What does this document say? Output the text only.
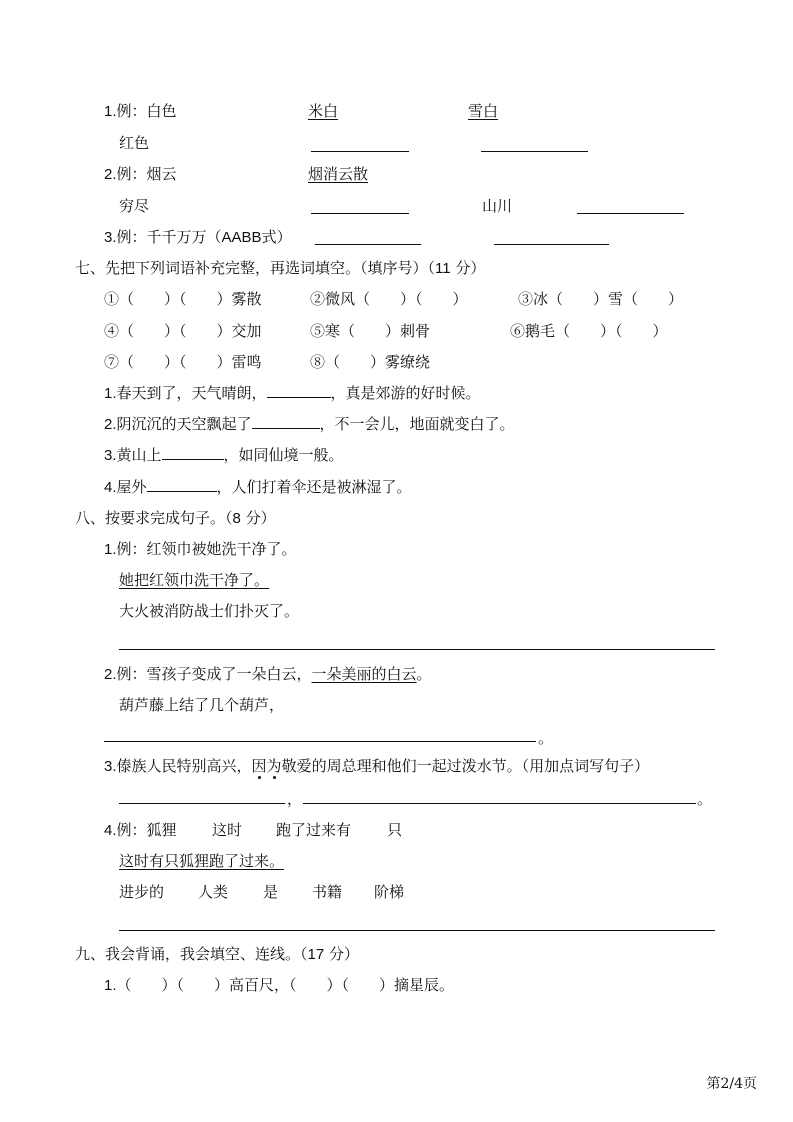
1.例：白色	米白	雪白
红色
2.例：烟云	烟消云散
穷尽	山川
3.例：千千万万（AABB式）
七、先把下列词语补充完整，再选词填空。（填序号）（11 分）
①（　　）（　　）雾散	②微风（　　）（　　）	③冰（　　）雪（　　）
④（　　）（　　）交加	⑤寒（　　）刺骨	⑥鹅毛（　　）（　　）
⑦（　　）（　　）雷鸣	⑧（　　）雾缭绕
1.春天到了，天气晴朗，	，真是郊游的好时候。
2.阴沉沉的天空飘起了	，不一会儿，地面就变白了。
3.黄山上	，如同仙境一般。
4.屋外	，人们打着伞还是被淋湿了。
八、按要求完成句子。（8 分）
1.例：红领巾被她洗干净了。
她把红领巾洗干净了。
大火被消防战士们扑灭了。
2.例：雪孩子变成了一朵白云，一朵美丽的白云。
葫芦藤上结了几个葫芦，
。
3.傣族人民特别高兴，因为敬爱的周总理和他们一起过泼水节。（用加点词写句子）
，	。
4.例：狐狸 这时 跑了过来有 只
这时有只狐狸跑了过来。
进步的 人类 是 书籍 阶梯
九、我会背诵，我会填空、连线。（17 分）
1.（　　）（　　）高百尺，（　　）（　　）摘星辰。
第2/4页
